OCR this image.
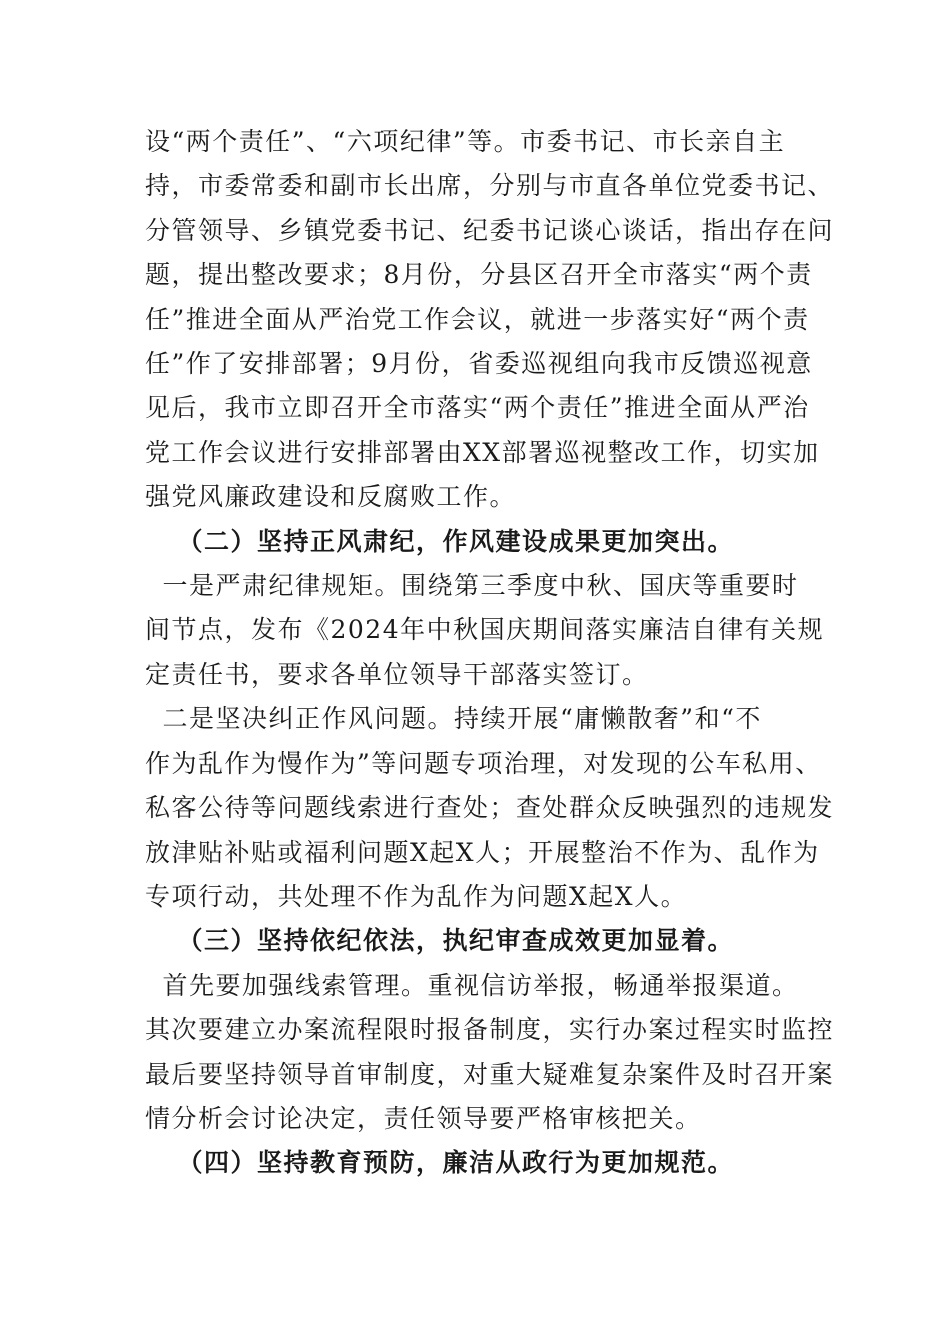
设“两个责任”、“六项纪律”等。市委书记、市长亲自主
持，市委常委和副市长出席，分别与市直各单位党委书记、
分管领导、乡镇党委书记、纪委书记谈心谈话，指出存在问
题，提出整改要求；8月份，分县区召开全市落实“两个责
任”推进全面从严治党工作会议，就进一步落实好“两个责
任”作了安排部署；9月份，省委巡视组向我市反馈巡视意
见后，我市立即召开全市落实“两个责任”推进全面从严治
党工作会议进行安排部署由XX部署巡视整改工作，切实加
强党风廉政建设和反腐败工作。

（二）坚持正风肃纪，作风建设成果更加突出。

一是严肃纪律规矩。围绕第三季度中秋、国庆等重要时
间节点，发布《2024年中秋国庆期间落实廉洁自律有关规
定责任书，要求各单位领导干部落实签订。

二是坚决纠正作风问题。持续开展“庸懒散奢”和“不
作为乱作为慢作为”等问题专项治理，对发现的公车私用、
私客公待等问题线索进行查处；查处群众反映强烈的违规发
放津贴补贴或福利问题X起X人；开展整治不作为、乱作为
专项行动，共处理不作为乱作为问题X起X人。

（三）坚持依纪依法，执纪审查成效更加显着。

首先要加强线索管理。重视信访举报，畅通举报渠道。
其次要建立办案流程限时报备制度，实行办案过程实时监控
最后要坚持领导首审制度，对重大疑难复杂案件及时召开案
情分析会讨论决定，责任领导要严格审核把关。

（四）坚持教育预防，廉洁从政行为更加规范。
